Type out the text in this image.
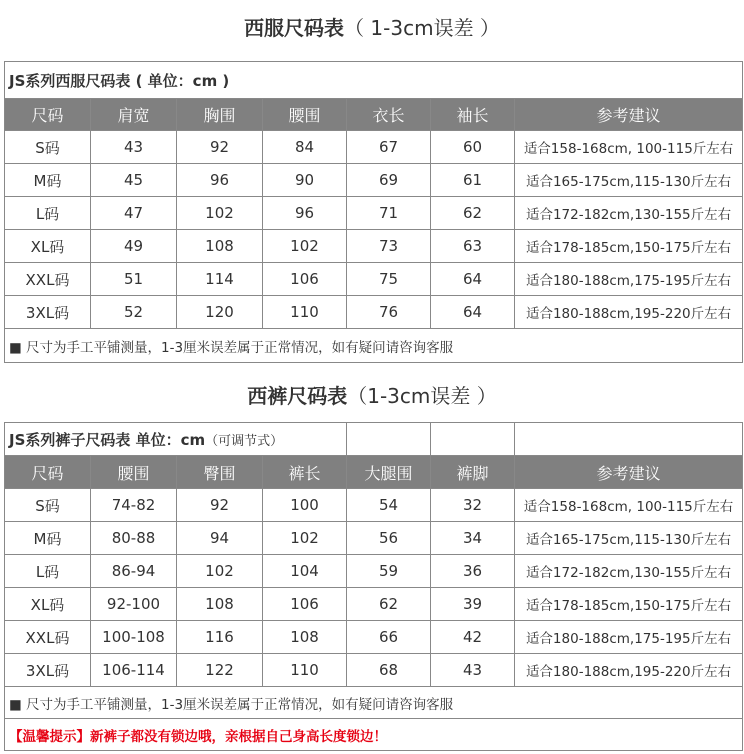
西服尺码表（ 1-3cm误差 ）
JS系列西服尺码表 ( 单位：cm )						
尺码	肩宽	胸围	腰围	衣长	袖长	参考建议
S码	43	92	84	67	60	适合158-168cm, 100-115斤左右
M码	45	96	90	69	61	适合165-175cm,115-130斤左右
L码	47	102	96	71	62	适合172-182cm,130-155斤左右
XL码	49	108	102	73	63	适合178-185cm,150-175斤左右
XXL码	51	114	106	75	64	适合180-188cm,175-195斤左右
3XL码	52	120	110	76	64	适合180-188cm,195-220斤左右
■ 尺寸为手工平铺测量，1-3厘米误差属于正常情况，如有疑问请咨询客服						
西裤尺码表（1-3cm误差 ）
JS系列裤子尺码表 单位：cm（可调节式）						
尺码	腰围	臀围	裤长	大腿围	裤脚	参考建议
S码	74-82	92	100	54	32	适合158-168cm, 100-115斤左右
M码	80-88	94	102	56	34	适合165-175cm,115-130斤左右
L码	86-94	102	104	59	36	适合172-182cm,130-155斤左右
XL码	92-100	108	106	62	39	适合178-185cm,150-175斤左右
XXL码	100-108	116	108	66	42	适合180-188cm,175-195斤左右
3XL码	106-114	122	110	68	43	适合180-188cm,195-220斤左右
■ 尺寸为手工平铺测量，1-3厘米误差属于正常情况，如有疑问请咨询客服						
【温馨提示】新裤子都没有锁边哦，亲根据自己身高长度锁边！						
